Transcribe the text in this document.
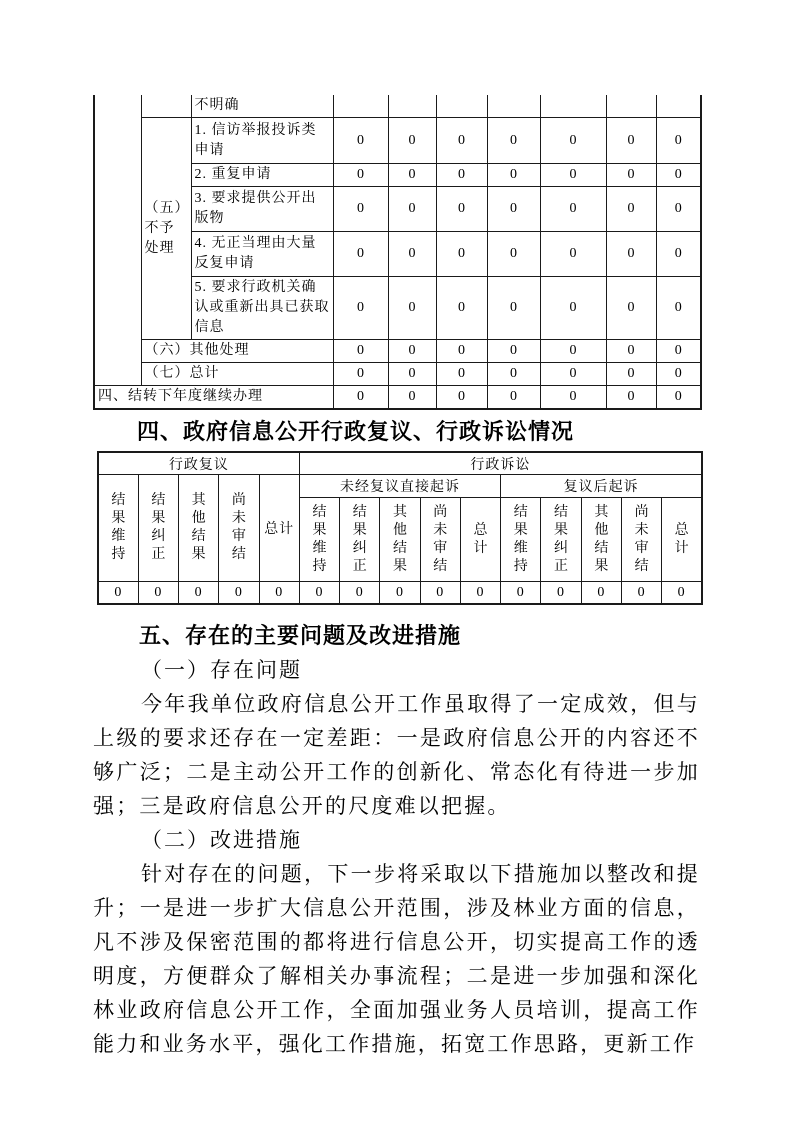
		不明确							
	（五）不予处理	1. 信访举报投诉类申请	0	0	0	0	0	0	0
		2. 重复申请	0	0	0	0	0	0	0
		3. 要求提供公开出版物	0	0	0	0	0	0	0
		4. 无正当理由大量反复申请	0	0	0	0	0	0	0
		5. 要求行政机关确认或重新出具已获取信息	0	0	0	0	0	0	0
	（六）其他处理		0	0	0	0	0	0	0
	（七）总计		0	0	0	0	0	0	0
四、结转下年度继续办理			0	0	0	0	0	0	0
四、政府信息公开行政复议、行政诉讼情况
行政复议					行政诉讼									
结果维持	结果纠正	其他结果	尚未审结	总计	未经复议直接起诉					复议后起诉				
					结果维持	结果纠正	其他结果	尚未审结	总计	结果维持	结果纠正	其他结果	尚未审结	总计
0	0	0	0	0	0	0	0	0	0	0	0	0	0	0
五、存在的主要问题及改进措施
（一）存在问题

今年我单位政府信息公开工作虽取得了一定成效，但与上级的要求还存在一定差距：一是政府信息公开的内容还不够广泛；二是主动公开工作的创新化、常态化有待进一步加强；三是政府信息公开的尺度难以把握。

（二）改进措施

针对存在的问题，下一步将采取以下措施加以整改和提升；一是进一步扩大信息公开范围，涉及林业方面的信息，凡不涉及保密范围的都将进行信息公开，切实提高工作的透明度，方便群众了解相关办事流程；二是进一步加强和深化林业政府信息公开工作，全面加强业务人员培训，提高工作能力和业务水平，强化工作措施，拓宽工作思路，更新工作
